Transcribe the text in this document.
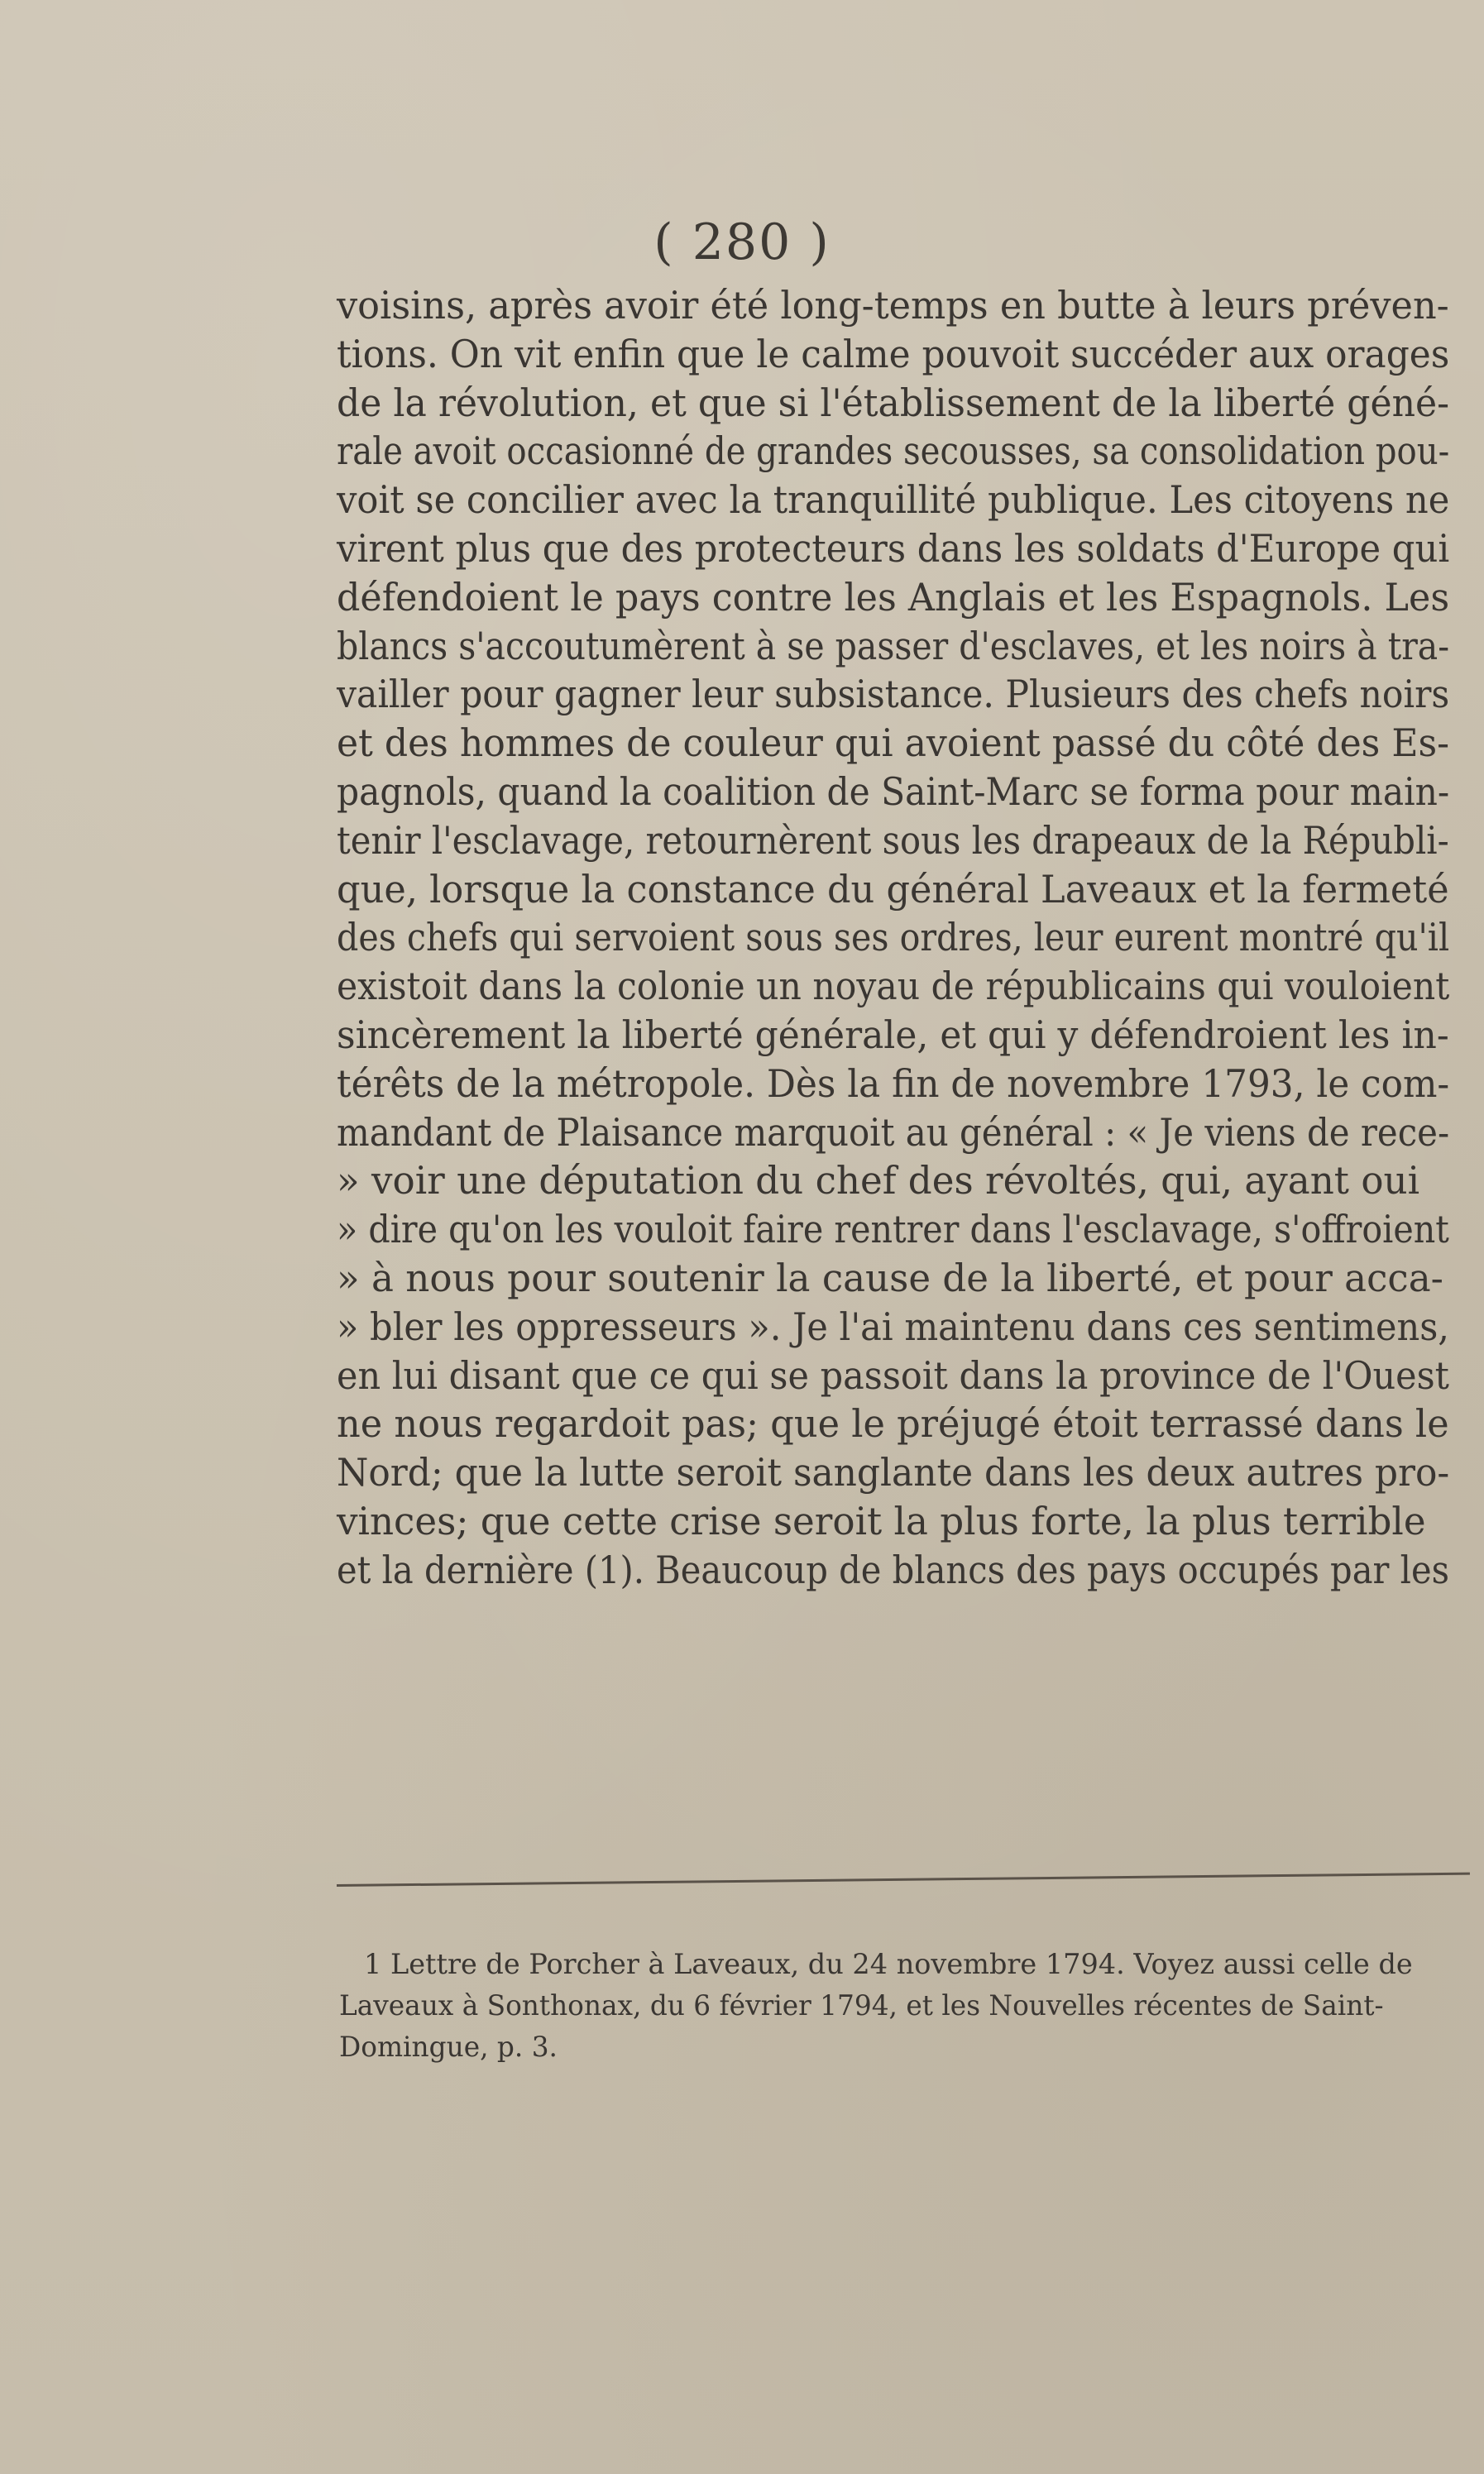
( 280 )
voisins, après avoir été long-temps en butte à leurs préven-
tions. On vit enfin que le calme pouvoit succéder aux orages
de la révolution, et que si l'établissement de la liberté géné-
rale avoit occasionné de grandes secousses, sa consolidation pou-
voit se concilier avec la tranquillité publique. Les citoyens ne
virent plus que des protecteurs dans les soldats d'Europe qui
défendoient le pays contre les Anglais et les Espagnols. Les
blancs s'accoutumèrent à se passer d'esclaves, et les noirs à tra-
vailler pour gagner leur subsistance. Plusieurs des chefs noirs
et des hommes de couleur qui avoient passé du côté des Es-
pagnols, quand la coalition de Saint-Marc se forma pour main-
tenir l'esclavage, retournèrent sous les drapeaux de la Républi-
que, lorsque la constance du général Laveaux et la fermeté
des chefs qui servoient sous ses ordres, leur eurent montré qu'il
existoit dans la colonie un noyau de républicains qui vouloient
sincèrement la liberté générale, et qui y défendroient les in-
térêts de la métropole. Dès la fin de novembre 1793, le com-
mandant de Plaisance marquoit au général : « Je viens de rece-
» voir une députation du chef des révoltés, qui, ayant oui
» dire qu'on les vouloit faire rentrer dans l'esclavage, s'offroient
» à nous pour soutenir la cause de la liberté, et pour acca-
» bler les oppresseurs ». Je l'ai maintenu dans ces sentimens,
en lui disant que ce qui se passoit dans la province de l'Ouest
ne nous regardoit pas; que le préjugé étoit terrassé dans le
Nord; que la lutte seroit sanglante dans les deux autres pro-
vinces; que cette crise seroit la plus forte, la plus terrible
et la dernière (1). Beaucoup de blancs des pays occupés par les
1 Lettre de Porcher à Laveaux, du 24 novembre 1794. Voyez aussi celle de
Laveaux à Sonthonax, du 6 février 1794, et les Nouvelles récentes de Saint-
Domingue, p. 3.
